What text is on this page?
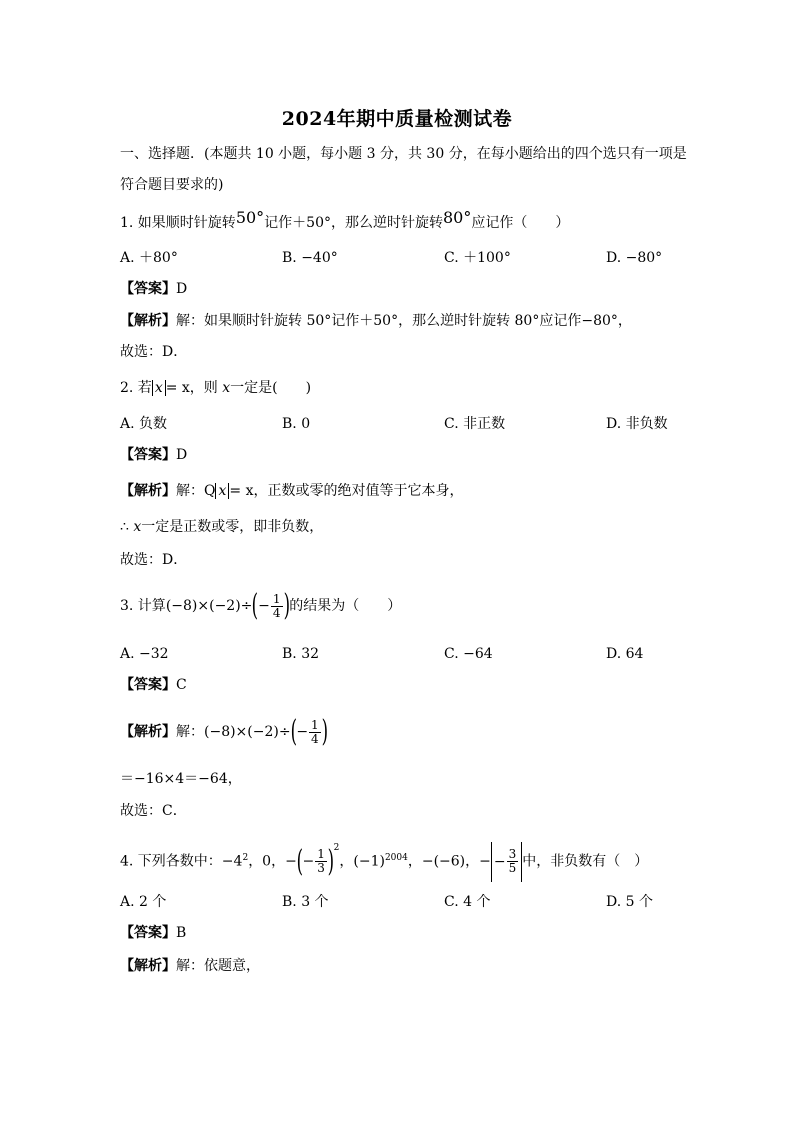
2024年期中质量检测试卷
一、选择题．(本题共 10 小题，每小题 3 分，共 30 分，在每小题给出的四个选只有一项是
符合题目要求的)
1. 如果顺时针旋转50°记作＋50°，那么逆时针旋转80°应记作（　　）
A. ＋80°	B. −40°	C. ＋100°	D. −80°
【答案】D
【解析】解：如果顺时针旋转 50°记作＋50°，那么逆时针旋转 80°应记作−80°，
故选：D．
2. 若 x = x，则 x一定是(　　)
A. 负数	B. 0	C. 非正数	D. 非负数
【答案】D
【解析】解：Q x = x，正数或零的绝对值等于它本身，
∴ x一定是正数或零，即非负数，
故选：D．
3. 计算$(-8)\times(-2)\div(- \frac{1}{4}$ )的结果为（　　）
A. −32	B. 32	C. −64	D. 64
【答案】C
【解析】解：$(-8)\times(-2)\div(- \frac{1}{4}$ )
＝−16×4＝−64，
故选：C．
4. 下列各数中：$-4^2$，0，−(− $\frac{1}{3} )^2$，$(-1)^{2004}$，−(−6)，− − $\frac{3}{5}$ 中，非负数有（　）
A. 2 个	B. 3 个	C. 4 个	D. 5 个
【答案】B
【解析】解：依题意，
